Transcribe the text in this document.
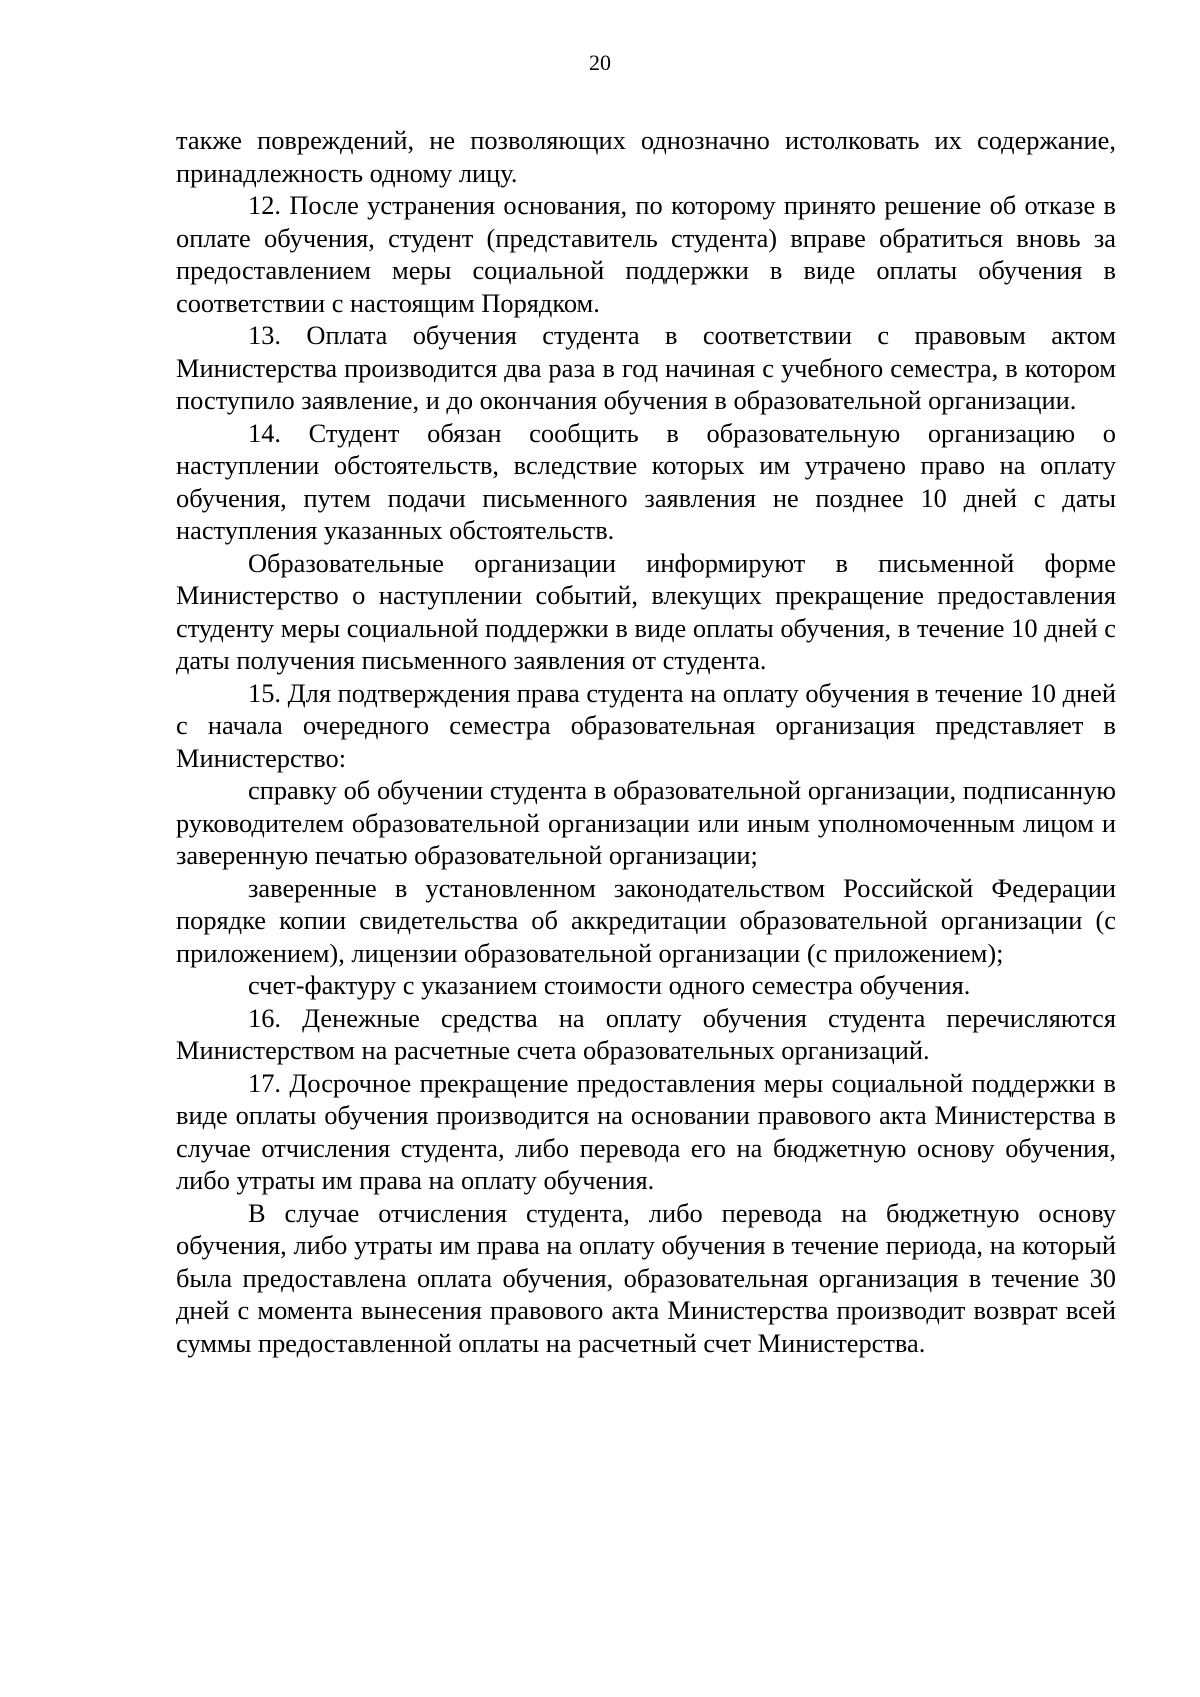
20

также повреждений, не позволяющих однозначно истолковать их содержание, принадлежность одному лицу.

12. После устранения основания, по которому принято решение об отказе в оплате обучения, студент (представитель студента) вправе обратиться вновь за предоставлением меры социальной поддержки в виде оплаты обучения в соответствии с настоящим Порядком.

13. Оплата обучения студента в соответствии с правовым актом Министерства производится два раза в год начиная с учебного семестра, в котором поступило заявление, и до окончания обучения в образовательной организации.

14. Студент обязан сообщить в образовательную организацию о наступлении обстоятельств, вследствие которых им утрачено право на оплату обучения, путем подачи письменного заявления не позднее 10 дней с даты наступления указанных обстоятельств.

Образовательные организации информируют в письменной форме Министерство о наступлении событий, влекущих прекращение предоставления студенту меры социальной поддержки в виде оплаты обучения, в течение 10 дней с даты получения письменного заявления от студента.

15. Для подтверждения права студента на оплату обучения в течение 10 дней с начала очередного семестра образовательная организация представляет в Министерство:

справку об обучении студента в образовательной организации, подписанную руководителем образовательной организации или иным уполномоченным лицом и заверенную печатью образовательной организации;

заверенные в установленном законодательством Российской Федерации порядке копии свидетельства об аккредитации образовательной организации (с приложением), лицензии образовательной организации (с приложением);

счет-фактуру с указанием стоимости одного семестра обучения.

16. Денежные средства на оплату обучения студента перечисляются Министерством на расчетные счета образовательных организаций.

17. Досрочное прекращение предоставления меры социальной поддержки в виде оплаты обучения производится на основании правового акта Министерства в случае отчисления студента, либо перевода его на бюджетную основу обучения, либо утраты им права на оплату обучения.

В случае отчисления студента, либо перевода на бюджетную основу обучения, либо утраты им права на оплату обучения в течение периода, на который была предоставлена оплата обучения, образовательная организация в течение 30 дней с момента вынесения правового акта Министерства производит возврат всей суммы предоставленной оплаты на расчетный счет Министерства.
